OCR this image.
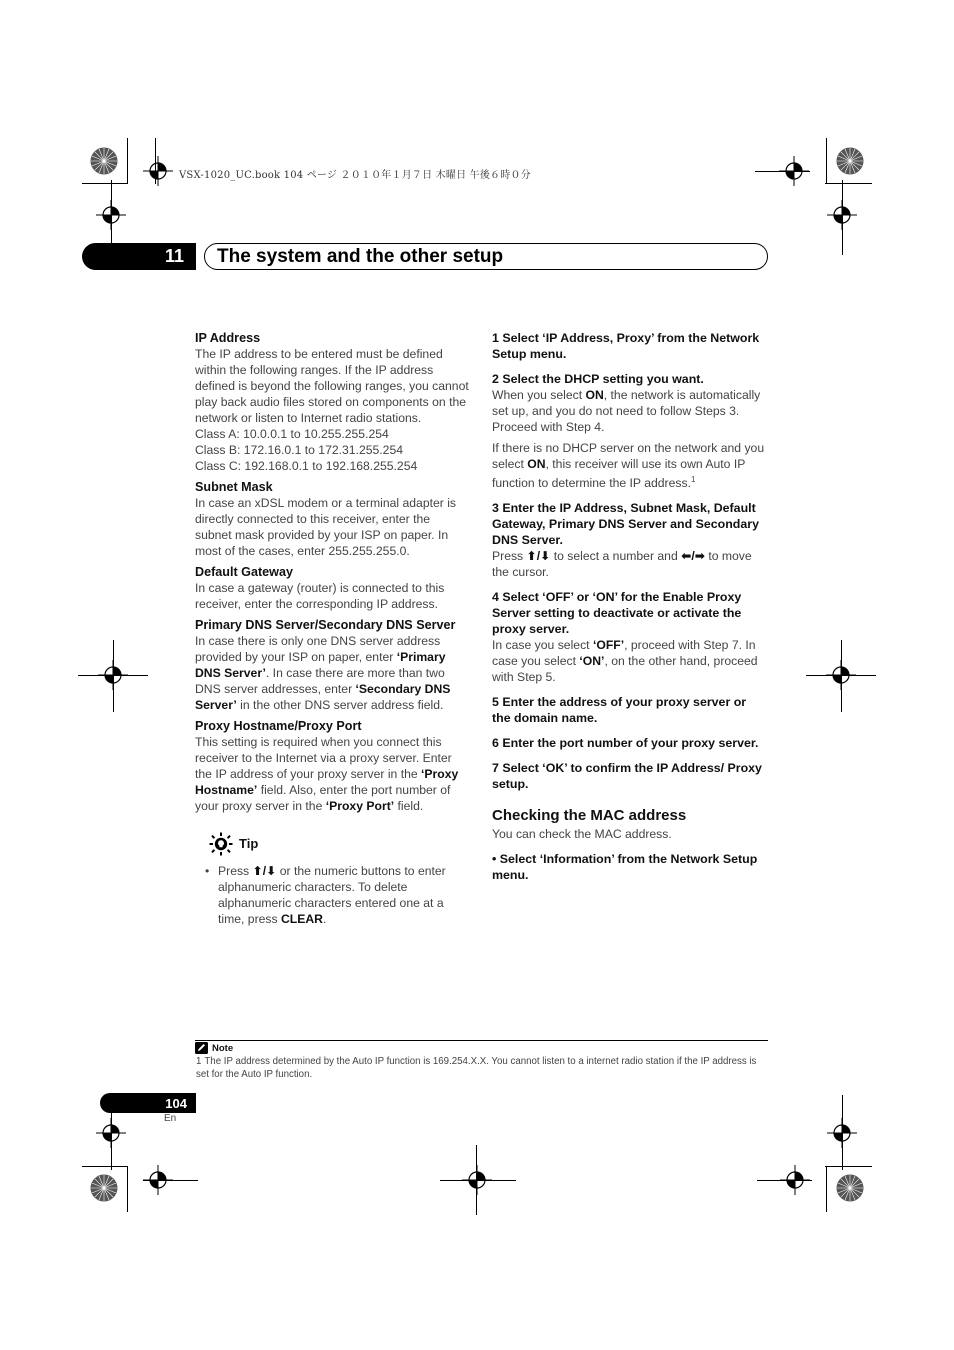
VSX-1020_UC.book 104 ページ ２０１０年１月７日 木曜日 午後６時０分
11	The system and the other setup
IP Address

The IP address to be entered must be defined within the following ranges. If the IP address defined is beyond the following ranges, you cannot play back audio files stored on components on the network or listen to Internet radio stations.

Class A: 10.0.0.1 to 10.255.255.254

Class B: 172.16.0.1 to 172.31.255.254

Class C: 192.168.0.1 to 192.168.255.254

Subnet Mask

In case an xDSL modem or a terminal adapter is directly connected to this receiver, enter the subnet mask provided by your ISP on paper. In most of the cases, enter 255.255.255.0.

Default Gateway

In case a gateway (router) is connected to this receiver, enter the corresponding IP address.

Primary DNS Server/Secondary DNS Server

In case there is only one DNS server address provided by your ISP on paper, enter ‘Primary DNS Server’. In case there are more than two DNS server addresses, enter ‘Secondary DNS Server’ in the other DNS server address field.

Proxy Hostname/Proxy Port

This setting is required when you connect this receiver to the Internet via a proxy server. Enter the IP address of your proxy server in the ‘Proxy Hostname’ field. Also, enter the port number of your proxy server in the ‘Proxy Port’ field.

Tip
• Press ⬆/⬇ or the numeric buttons to enter alphanumeric characters. To delete alphanumeric characters entered one at a time, press CLEAR.

1 Select ‘IP Address, Proxy’ from the Network Setup menu.

2 Select the DHCP setting you want.

When you select ON, the network is automatically set up, and you do not need to follow Steps 3. Proceed with Step 4.

If there is no DHCP server on the network and you select ON, this receiver will use its own Auto IP function to determine the IP address.$^1$

3 Enter the IP Address, Subnet Mask, Default Gateway, Primary DNS Server and Secondary DNS Server.

Press ⬆/⬇ to select a number and ⬅/➡ to move the cursor.

4 Select ‘OFF’ or ‘ON’ for the Enable Proxy Server setting to deactivate or activate the proxy server.

In case you select ‘OFF’, proceed with Step 7. In case you select ‘ON’, on the other hand, proceed with Step 5.

5 Enter the address of your proxy server or the domain name.

6 Enter the port number of your proxy server.

7 Select ‘OK’ to confirm the IP Address/ Proxy setup.

Checking the MAC address

You can check the MAC address.

• Select ‘Information’ from the Network Setup menu.

Note
1 The IP address determined by the Auto IP function is 169.254.X.X. You cannot listen to a internet radio station if the IP address is set for the Auto IP function.
104
En
